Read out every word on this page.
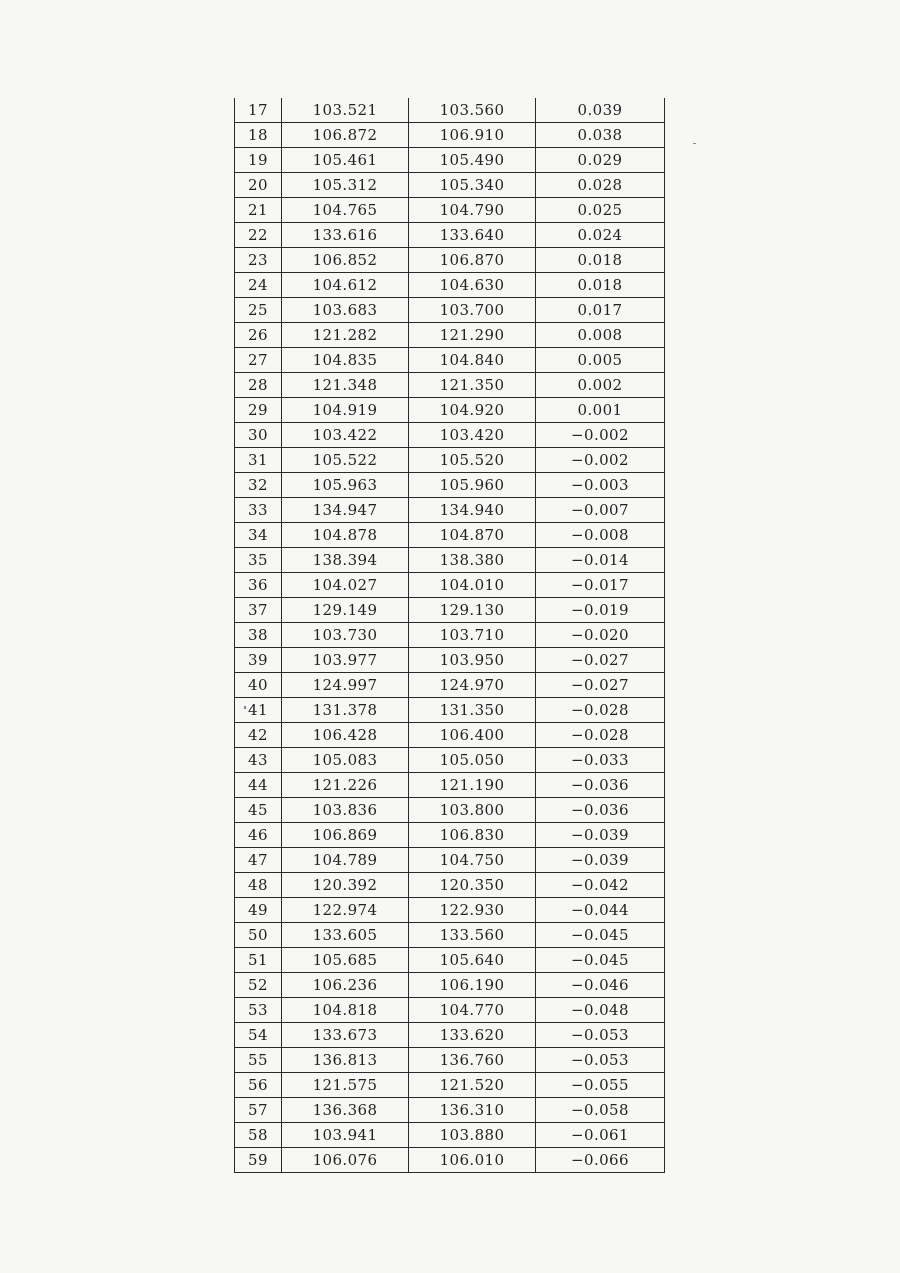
17	103.521	103.560	0.039
18	106.872	106.910	0.038
19	105.461	105.490	0.029
20	105.312	105.340	0.028
21	104.765	104.790	0.025
22	133.616	133.640	0.024
23	106.852	106.870	0.018
24	104.612	104.630	0.018
25	103.683	103.700	0.017
26	121.282	121.290	0.008
27	104.835	104.840	0.005
28	121.348	121.350	0.002
29	104.919	104.920	0.001
30	103.422	103.420	−0.002
31	105.522	105.520	−0.002
32	105.963	105.960	−0.003
33	134.947	134.940	−0.007
34	104.878	104.870	−0.008
35	138.394	138.380	−0.014
36	104.027	104.010	−0.017
37	129.149	129.130	−0.019
38	103.730	103.710	−0.020
39	103.977	103.950	−0.027
40	124.997	124.970	−0.027
41	131.378	131.350	−0.028
42	106.428	106.400	−0.028
43	105.083	105.050	−0.033
44	121.226	121.190	−0.036
45	103.836	103.800	−0.036
46	106.869	106.830	−0.039
47	104.789	104.750	−0.039
48	120.392	120.350	−0.042
49	122.974	122.930	−0.044
50	133.605	133.560	−0.045
51	105.685	105.640	−0.045
52	106.236	106.190	−0.046
53	104.818	104.770	−0.048
54	133.673	133.620	−0.053
55	136.813	136.760	−0.053
56	121.575	121.520	−0.055
57	136.368	136.310	−0.058
58	103.941	103.880	−0.061
59	106.076	106.010	−0.066
